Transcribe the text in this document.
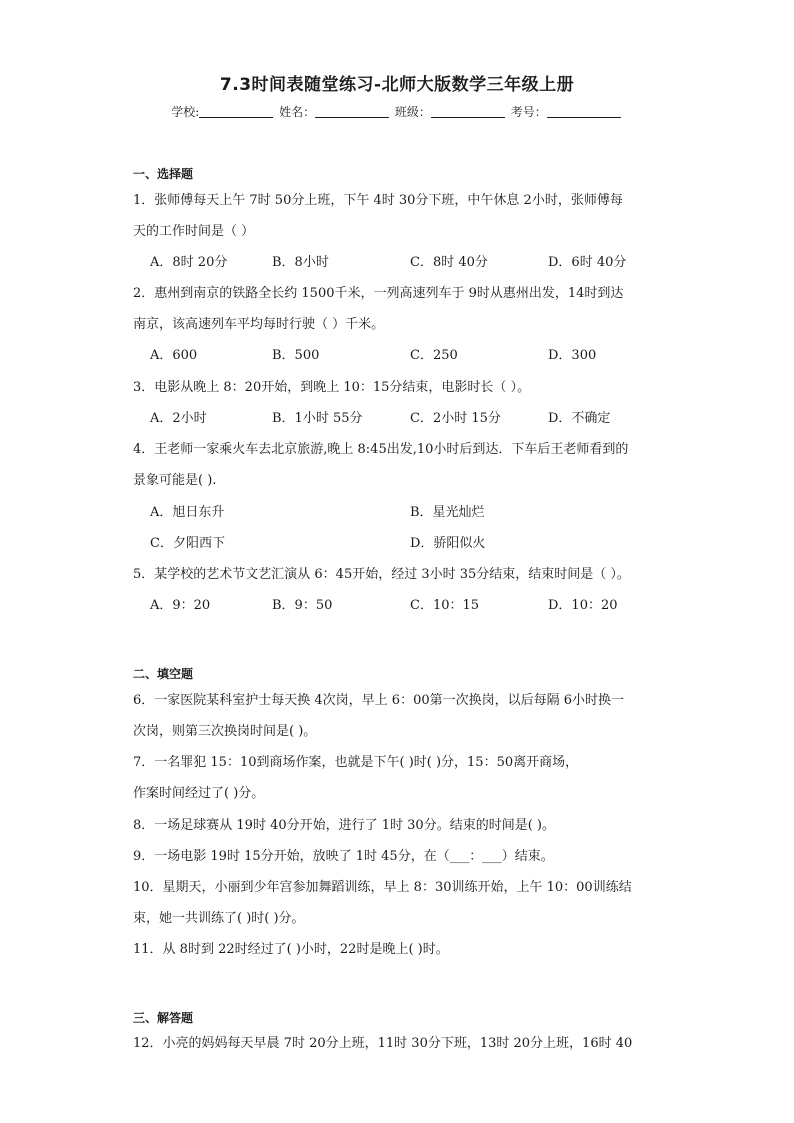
7.3时间表随堂练习-北师大版数学三年级上册
学校:	姓名：	班级：	考号：
一、选择题
1．张师傅每天上午 7时 50分上班，下午 4时 30分下班，中午休息 2小时，张师傅每
天的工作时间是（ ）
A．8时 20分	B．8小时	C．8时 40分	D．6时 40分
2．惠州到南京的铁路全长约 1500千米，一列高速列车于 9时从惠州出发，14时到达
南京，该高速列车平均每时行驶（ ）千米。
A．600	B．500	C．250	D．300
3．电影从晚上 8：20开始，到晚上 10：15分结束，电影时长（ ）。
A．2小时	B．1小时 55分	C．2小时 15分	D．不确定
4．王老师一家乘火车去北京旅游,晚上 8:45出发,10小时后到达．下车后王老师看到的
景象可能是( ).
A．旭日东升	B．星光灿烂
C．夕阳西下	D．骄阳似火
5．某学校的艺术节文艺汇演从 6：45开始，经过 3小时 35分结束，结束时间是（ ）。
A．9：20	B．9：50	C．10：15	D．10：20
二、填空题
6．一家医院某科室护士每天换 4次岗，早上 6：00第一次换岗，以后每隔 6小时换一
次岗，则第三次换岗时间是( )。
7．一名罪犯 15：10到商场作案，也就是下午( )时( )分，15：50离开商场，
作案时间经过了( )分。
8．一场足球赛从 19时 40分开始，进行了 1时 30分。结束的时间是( )。
9．一场电影 19时 15分开始，放映了 1时 45分，在（___：___）结束。
10．星期天，小丽到少年宫参加舞蹈训练，早上 8：30训练开始，上午 10：00训练结
束，她一共训练了( )时( )分。
11．从 8时到 22时经过了( )小时，22时是晚上( )时。
三、解答题
12．小亮的妈妈每天早晨 7时 20分上班，11时 30分下班，13时 20分上班，16时 40
